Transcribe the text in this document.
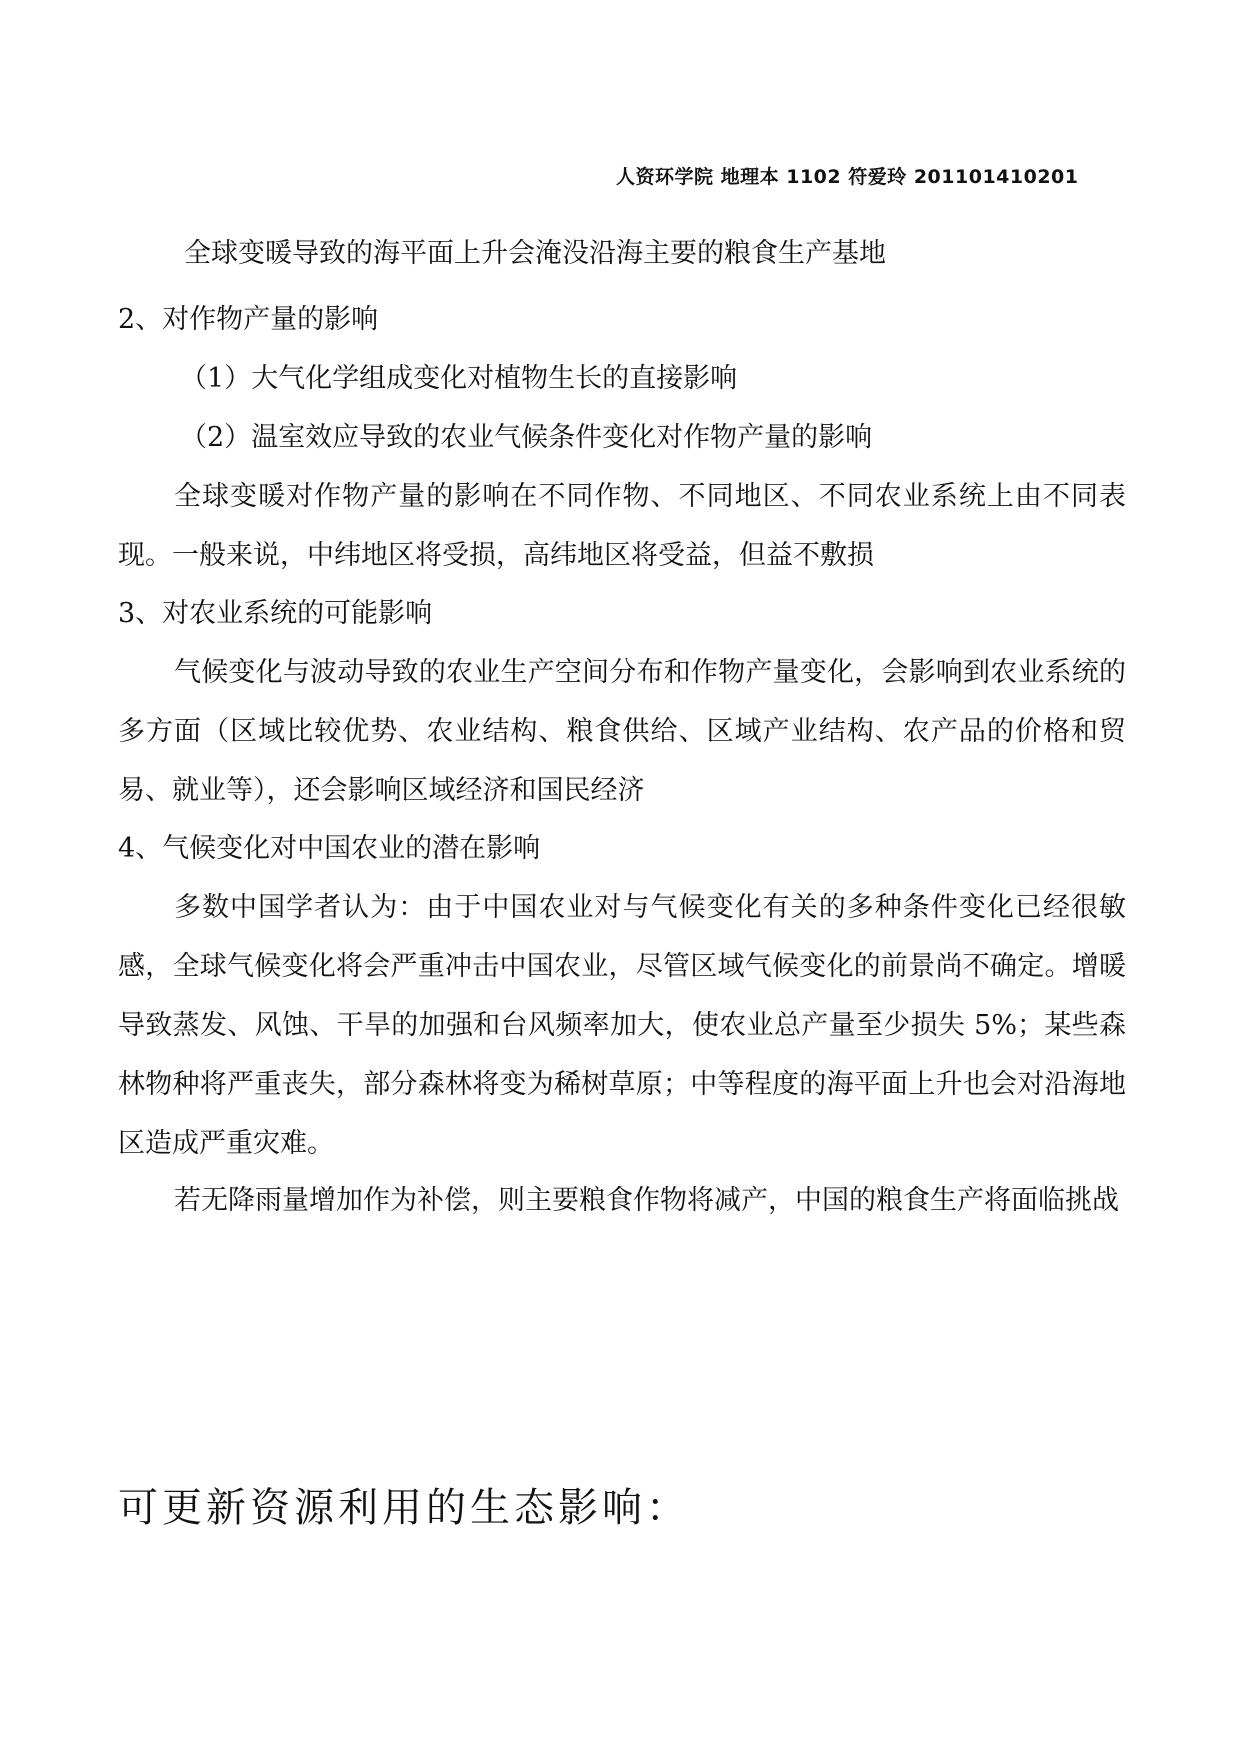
人资环学院 地理本 1102 符爱玲 201101410201
全球变暖导致的海平面上升会淹没沿海主要的粮食生产基地
2、对作物产量的影响
（1）大气化学组成变化对植物生长的直接影响
（2）温室效应导致的农业气候条件变化对作物产量的影响
全球变暖对作物产量的影响在不同作物、不同地区、不同农业系统上由不同表现。一般来说，中纬地区将受损，高纬地区将受益，但益不敷损
3、对农业系统的可能影响
气候变化与波动导致的农业生产空间分布和作物产量变化，会影响到农业系统的多方面（区域比较优势、农业结构、粮食供给、区域产业结构、农产品的价格和贸易、就业等），还会影响区域经济和国民经济
4、气候变化对中国农业的潜在影响
多数中国学者认为：由于中国农业对与气候变化有关的多种条件变化已经很敏感，全球气候变化将会严重冲击中国农业，尽管区域气候变化的前景尚不确定。增暖导致蒸发、风蚀、干旱的加强和台风频率加大，使农业总产量至少损失 5%；某些森林物种将严重丧失，部分森林将变为稀树草原；中等程度的海平面上升也会对沿海地区造成严重灾难。
若无降雨量增加作为补偿，则主要粮食作物将减产，中国的粮食生产将面临挑战
可更新资源利用的生态影响：
